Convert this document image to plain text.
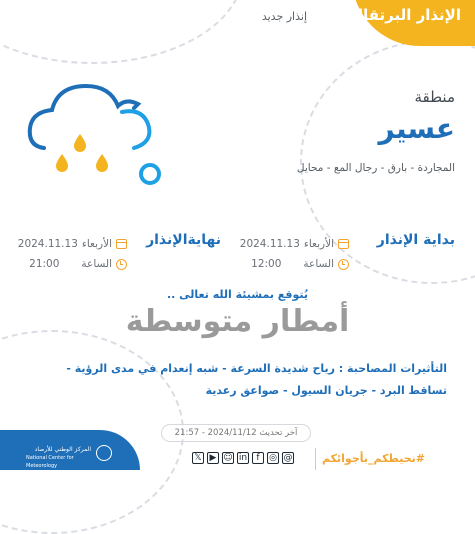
الإنذار البرتقالي
إنذار جديد
منطقة
عسير
المجاردة - بارق - رجال المع - محايل
بداية الإنذار
الأربعاء
2024.11.13
الساعة
12:00
نهايةالإنذار
الأربعاء
2024.11.13
الساعة
21:00
يُتوقع بمشيئة الله تعالى ..
أمطار متوسطة
التأثيرات المصاحبة : رياح شديدة السرعة - شبه إنعدام في مدى الرؤية -
تساقط البرد - جريان السيول - صواعق رعدية
آخر تحديث 2024/11/12 - 21:57
المركز الوطني للأرصاد
National Center for Meteorology
𝕏 ▶ ☺ in	f	◎ @	#نحيطكم_بأجوائكم
